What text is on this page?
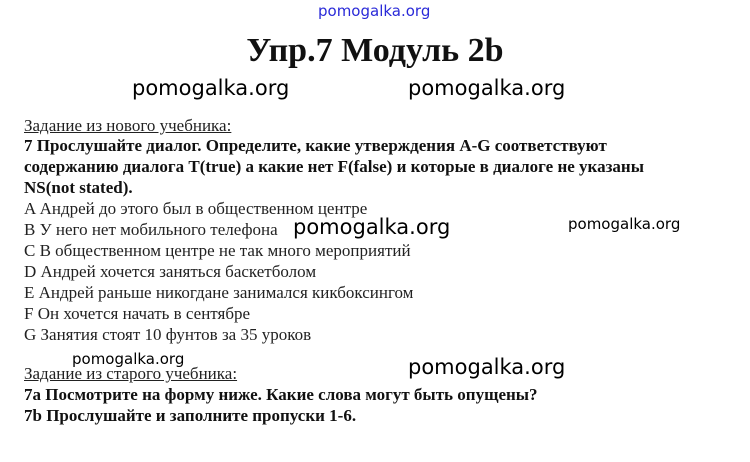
pomogalka.org
Упр.7 Модуль 2b
pomogalka.org	pomogalka.org
Задание из нового учебника:
7 Прослушайте диалог. Определите, какие утверждения A-G соответствуют
содержанию диалога T(true) а какие нет F(false) и которые в диалоге не указаны
NS(not stated).
A Андрей до этого был в общественном центре
B У него нет мобильного телефона
C В общественном центре не так много мероприятий
D Андрей хочется заняться баскетболом
E Андрей раньше никогдане занимался кикбоксингом
F Он хочется начать в сентябре
G Занятия стоят 10 фунтов за 35 уроков
pomogalka.org	pomogalka.org
Задание из старого учебника:
pomogalka.org	pomogalka.org
7a Посмотрите на форму ниже. Какие слова могут быть опущены?
7b Прослушайте и заполните пропуски 1-6.
